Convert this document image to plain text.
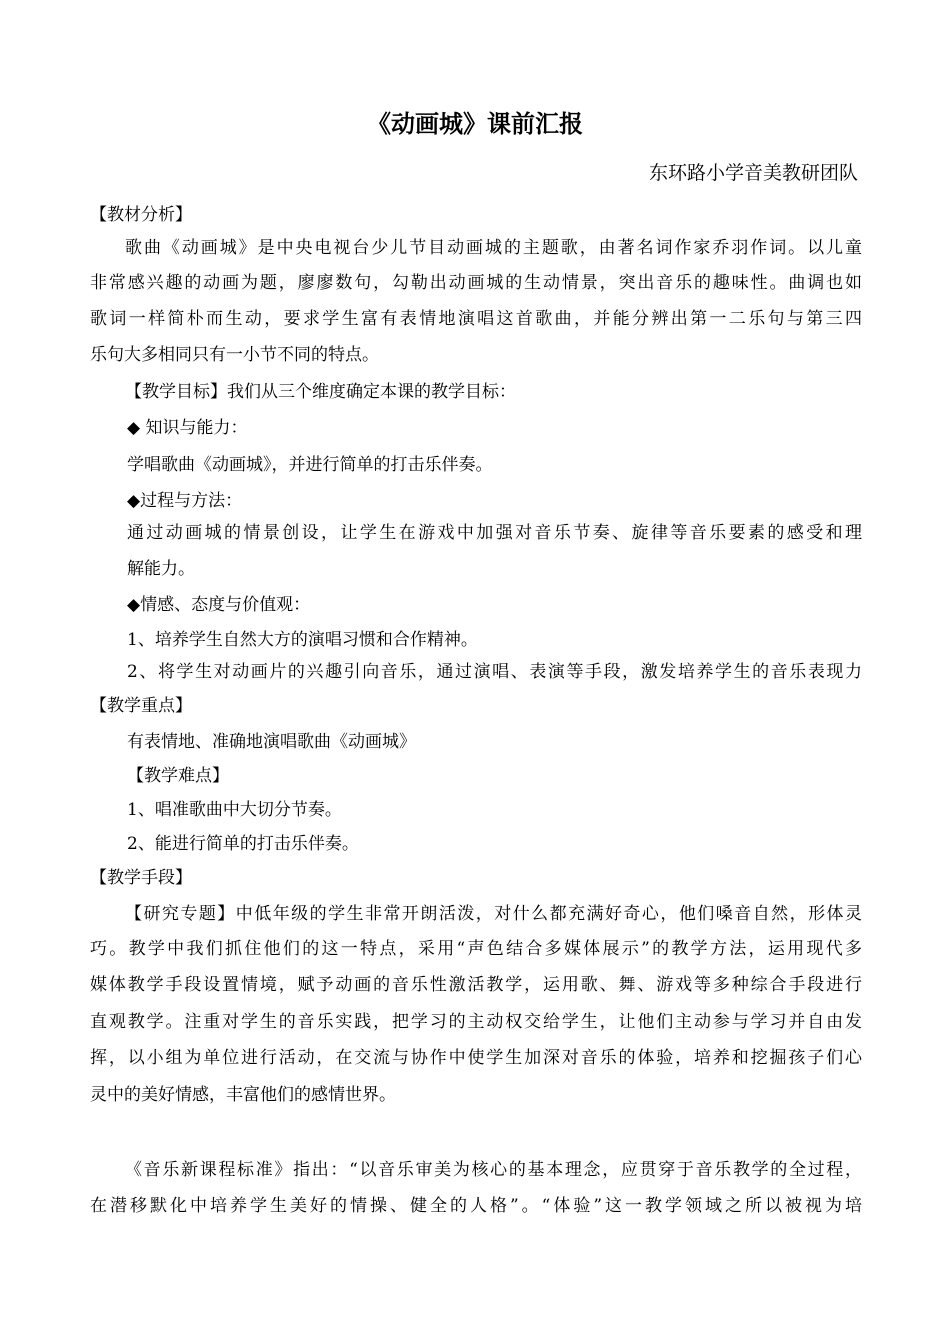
《动画城》课前汇报
东环路小学音美教研团队
【教材分析】
歌曲《动画城》是中央电视台少儿节目动画城的主题歌，由著名词作家乔羽作词。以儿童
非常感兴趣的动画为题，廖廖数句，勾勒出动画城的生动情景，突出音乐的趣味性。曲调也如
歌词一样简朴而生动，要求学生富有表情地演唱这首歌曲，并能分辨出第一二乐句与第三四
乐句大多相同只有一小节不同的特点。
【教学目标】我们从三个维度确定本课的教学目标：
◆ 知识与能力：
学唱歌曲《动画城》，并进行简单的打击乐伴奏。
◆过程与方法：
通过动画城的情景创设，让学生在游戏中加强对音乐节奏、旋律等音乐要素的感受和理
解能力。
◆情感、态度与价值观：
1、培养学生自然大方的演唱习惯和合作精神。
2、将学生对动画片的兴趣引向音乐，通过演唱、表演等手段，激发培养学生的音乐表现力
【教学重点】
有表情地、准确地演唱歌曲《动画城》
【教学难点】
1、唱准歌曲中大切分节奏。
2、能进行简单的打击乐伴奏。
【教学手段】
【研究专题】中低年级的学生非常开朗活泼，对什么都充满好奇心，他们嗓音自然，形体灵
巧。教学中我们抓住他们的这一特点，采用“声色结合多媒体展示”的教学方法，运用现代多
媒体教学手段设置情境，赋予动画的音乐性激活教学，运用歌、舞、游戏等多种综合手段进行
直观教学。注重对学生的音乐实践，把学习的主动权交给学生，让他们主动参与学习并自由发
挥，以小组为单位进行活动，在交流与协作中使学生加深对音乐的体验，培养和挖掘孩子们心
灵中的美好情感，丰富他们的感情世界。
《音乐新课程标准》指出：“以音乐审美为核心的基本理念，应贯穿于音乐教学的全过程，
在潜移默化中培养学生美好的情操、健全的人格”。“体验”这一教学领域之所以被视为培
